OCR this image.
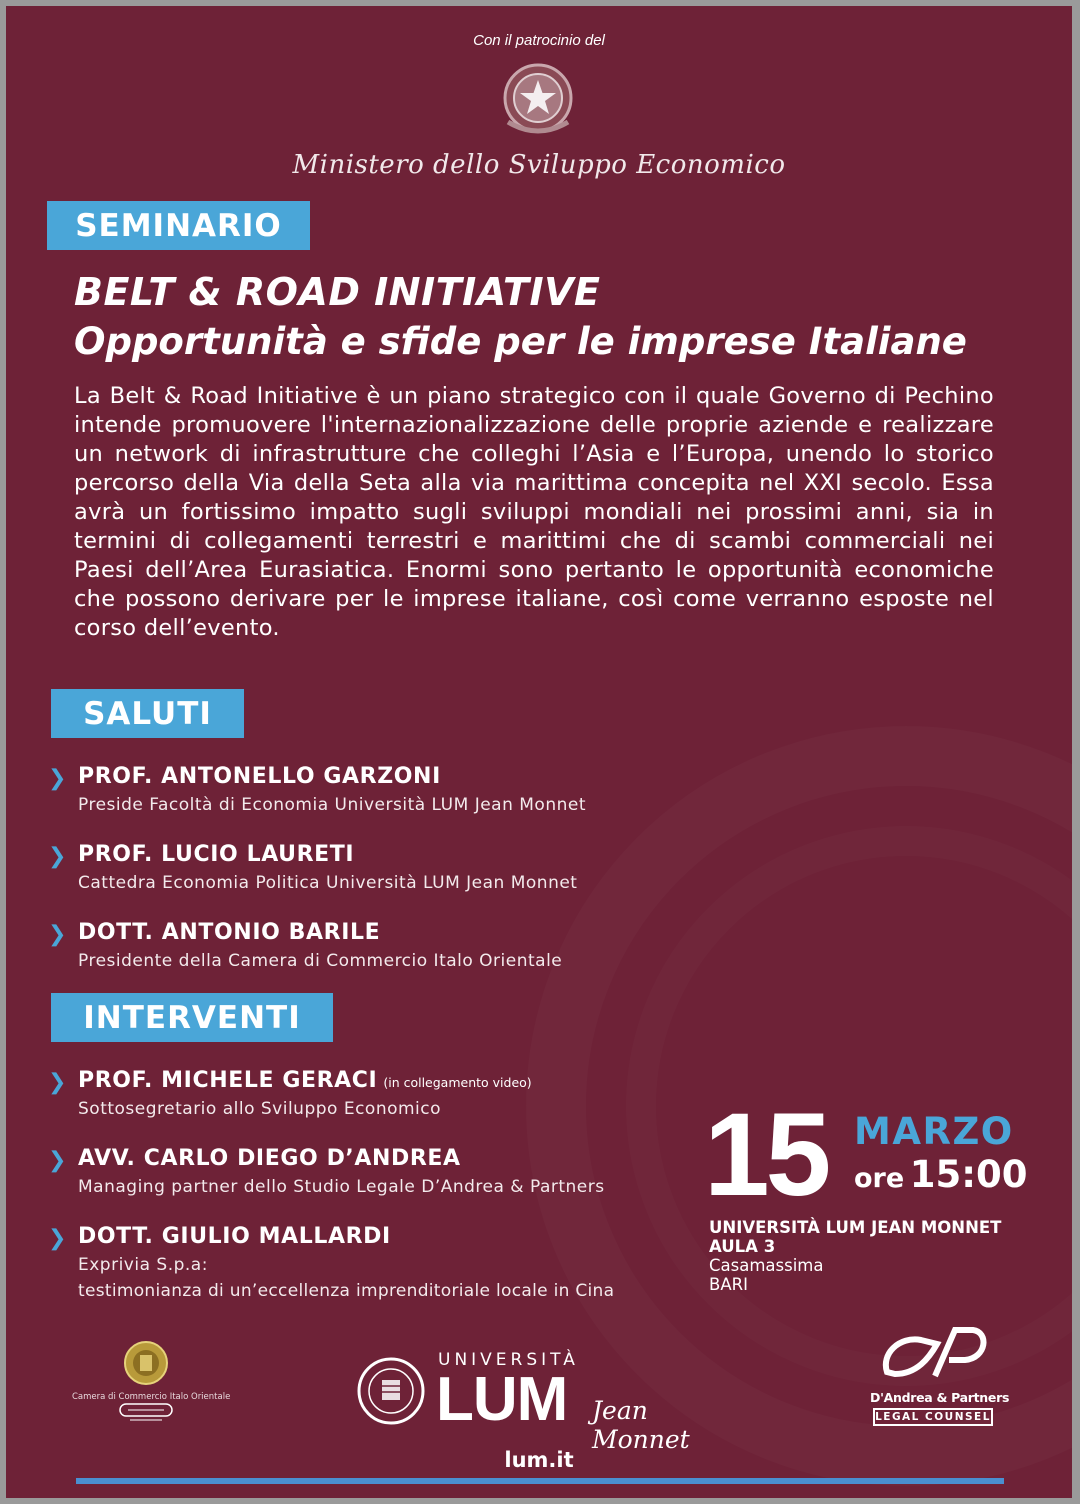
Con il patrocinio del
Ministero dello Sviluppo Economico
SEMINARIO
BELT & ROAD INITIATIVE
Opportunità e sfide per le imprese Italiane
La Belt & Road Initiative è un piano strategico con il quale Governo di Pechino intende promuovere l'internazionalizzazione delle proprie aziende e realizzare un network di infrastrutture che colleghi l’Asia e l’Europa, unendo lo storico percorso della Via della Seta alla via marittima concepita nel XXI secolo. Essa avrà un fortissimo impatto sugli sviluppi mondiali nei prossimi anni, sia in termini di collegamenti terrestri e marittimi che di scambi commerciali nei Paesi dell’Area Eurasiatica. Enormi sono pertanto le opportunità economiche che possono derivare per le imprese italiane, così come verranno esposte nel corso dell’evento.
SALUTI
❯ PROF. ANTONELLO GARZONI
Preside Facoltà di Economia Università LUM Jean Monnet
❯ PROF. LUCIO LAURETI
Cattedra Economia Politica Università LUM Jean Monnet
❯ DOTT. ANTONIO BARILE
Presidente della Camera di Commercio Italo Orientale
INTERVENTI
❯ PROF. MICHELE GERACI (in collegamento video)
Sottosegretario allo Sviluppo Economico
❯ AVV. CARLO DIEGO D’ANDREA
Managing partner dello Studio Legale D’Andrea & Partners
❯ DOTT. GIULIO MALLARDI
Exprivia S.p.a:
testimonianza di un’eccellenza imprenditoriale locale in Cina
15 MARZO
ore 15:00
UNIVERSITÀ LUM JEAN MONNET
AULA 3
Casamassima
BARI
Camera di Commercio Italo Orientale
UNIVERSITÀ
LUM Jean Monnet
lum.it
D'Andrea & Partners
LEGAL COUNSEL
